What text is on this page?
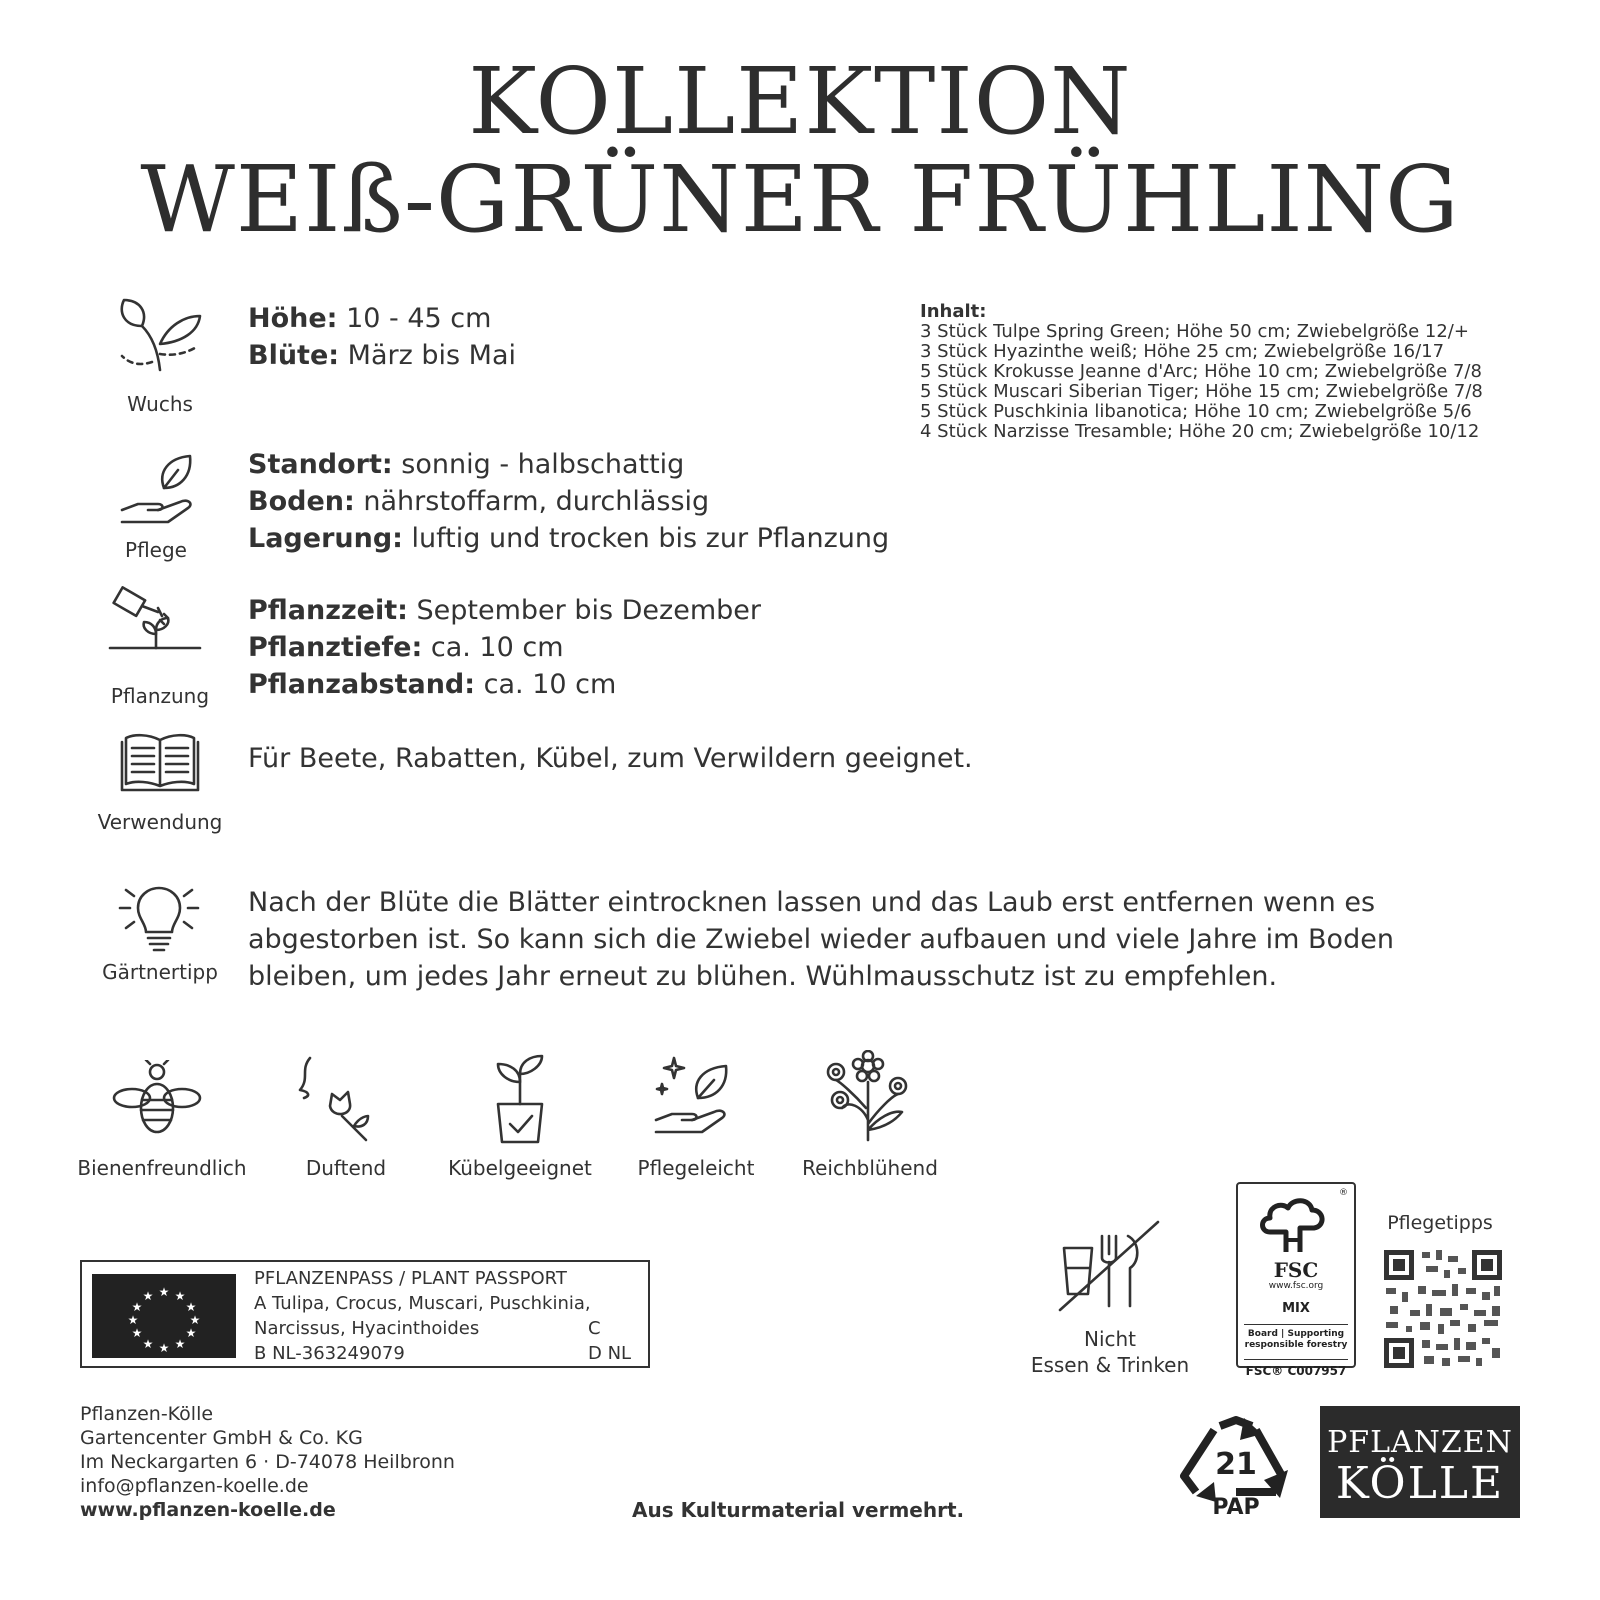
KOLLEKTION
WEIß-GRÜNER FRÜHLING
Wuchs
Höhe: 10 - 45 cm
Blüte: März bis Mai
Inhalt:
3 Stück Tulpe Spring Green; Höhe 50 cm; Zwiebelgröße 12/+
3 Stück Hyazinthe weiß; Höhe 25 cm; Zwiebelgröße 16/17
5 Stück Krokusse Jeanne d'Arc; Höhe 10 cm; Zwiebelgröße 7/8
5 Stück Muscari Siberian Tiger; Höhe 15 cm; Zwiebelgröße 7/8
5 Stück Puschkinia libanotica; Höhe 10 cm; Zwiebelgröße 5/6
4 Stück Narzisse Tresamble; Höhe 20 cm; Zwiebelgröße 10/12
Pflege
Standort: sonnig - halbschattig
Boden: nährstoffarm, durchlässig
Lagerung: luftig und trocken bis zur Pflanzung
Pflanzung
Pflanzzeit: September bis Dezember
Pflanztiefe: ca. 10 cm
Pflanzabstand: ca. 10 cm
Verwendung
Für Beete, Rabatten, Kübel, zum Verwildern geeignet.
Gärtnertipp
Nach der Blüte die Blätter eintrocknen lassen und das Laub erst entfernen wenn es
abgestorben ist. So kann sich die Zwiebel wieder aufbauen und viele Jahre im Boden
bleiben, um jedes Jahr erneut zu blühen. Wühlmausschutz ist zu empfehlen.
Bienenfreundlich	Duftend	Kübelgeeignet	Pflegeleicht	Reichblühend
★ ★
★
★
★
★
★
★
★
★
★
★
PFLANZENPASS / PLANT PASSPORT
A Tulipa, Crocus, Muscari, Puschkinia,
Narcissus, Hyacinthoides	C
B NL-363249079	D NL
Pflanzen-Kölle
Gartencenter GmbH & Co. KG
Im Neckargarten 6 · D-74078 Heilbronn
info@pflanzen-koelle.de
www.pflanzen-koelle.de	Aus Kulturmaterial vermehrt.
Nicht
Essen & Trinken
®
FSC
www.fsc.org
MIX
Board | Supporting
responsible forestry
FSC® C007957
Pflegetipps
21
PAP
PFLANZEN
KÖLLE
